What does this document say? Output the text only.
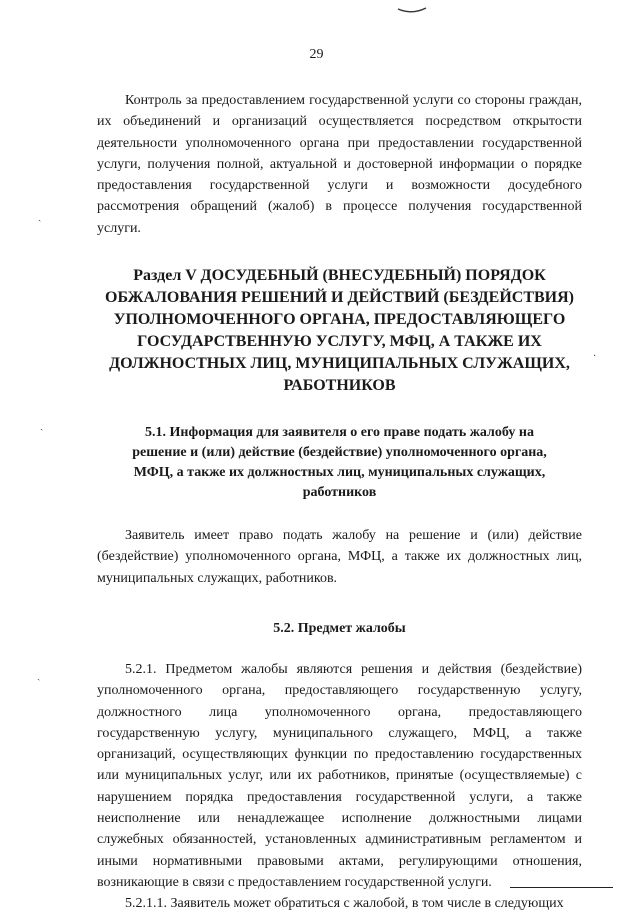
29

Контроль за предоставлением государственной услуги со стороны граждан, их объединений и организаций осуществляется посредством открытости деятельности уполномоченного органа при предоставлении государственной услуги, получения полной, актуальной и достоверной информации о порядке предоставления государственной услуги и возможности досудебного рассмотрения обращений (жалоб) в процессе получения государственной услуги.

Раздел V ДОСУДЕБНЫЙ (ВНЕСУДЕБНЫЙ) ПОРЯДОК ОБЖАЛОВАНИЯ РЕШЕНИЙ И ДЕЙСТВИЙ (БЕЗДЕЙСТВИЯ) УПОЛНОМОЧЕННОГО ОРГАНА, ПРЕДОСТАВЛЯЮЩЕГО ГОСУДАРСТВЕННУЮ УСЛУГУ, МФЦ, А ТАКЖЕ ИХ ДОЛЖНОСТНЫХ ЛИЦ, МУНИЦИПАЛЬНЫХ СЛУЖАЩИХ, РАБОТНИКОВ
5.1. Информация для заявителя о его праве подать жалобу на решение и (или) действие (бездействие) уполномоченного органа, МФЦ, а также их должностных лиц, муниципальных служащих, работников

Заявитель имеет право подать жалобу на решение и (или) действие (бездействие) уполномоченного органа, МФЦ, а также их должностных лиц, муниципальных служащих, работников.

5.2. Предмет жалобы

5.2.1. Предметом жалобы являются решения и действия (бездействие) уполномоченного органа, предоставляющего государственную услугу, должностного лица уполномоченного органа, предоставляющего государственную услугу, муниципального служащего, МФЦ, а также организаций, осуществляющих функции по предоставлению государственных или муниципальных услуг, или их работников, принятые (осуществляемые) с нарушением порядка предоставления государственной услуги, а также неисполнение или ненадлежащее исполнение должностными лицами служебных обязанностей, установленных административным регламентом и иными нормативными правовыми актами, регулирующими отношения, возникающие в связи с предоставлением государственной услуги.

5.2.1.1. Заявитель может обратиться с жалобой, в том числе в следующих

ˎ
·
ˎ
ˎ
